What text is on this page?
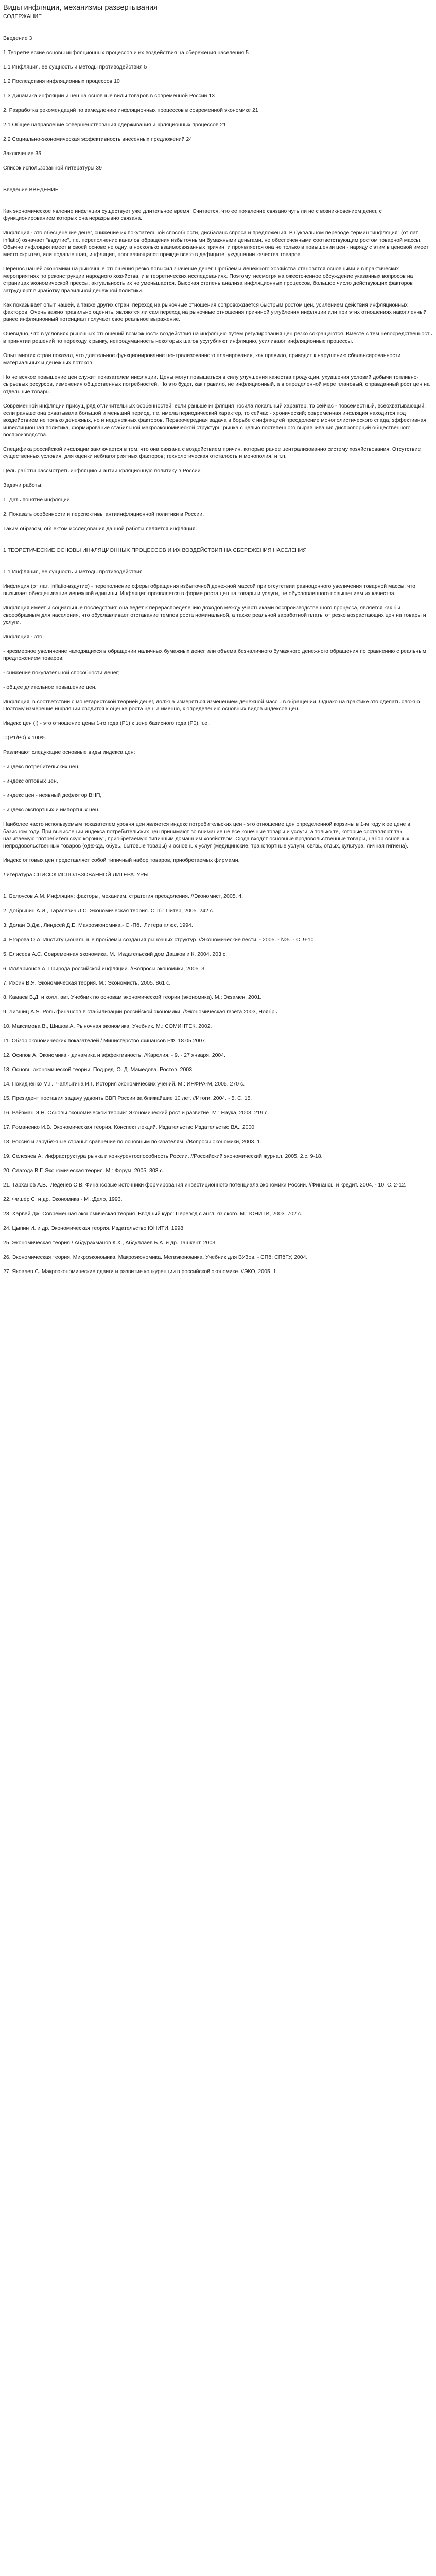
Виды инфляции, механизмы развертывания
СОДЕРЖАНИЕ
Введение 3
1 Теоретические основы инфляционных процессов и их воздействия на сбережения населения 5
1.1 Инфляция, ее сущность и методы противодействия 5
1.2 Последствия инфляционных процессов 10
1.3 Динамика инфляции и цен на основные виды товаров в современной России 13
2. Разработка рекомендаций по замедлению инфляционных процессов в современной экономике 21
2.1 Общее направление совершенствования сдерживания инфляционных процессов 21
2.2 Социально-экономическая эффективность внесенных предложений 24
Заключение 35
Список использованной литературы 39
Введение ВВЕДЕНИЕ
Как экономическое явление инфляция существует уже длительное время. Считается, что ее появление связано чуть ли не с возникновением денег, с функционированием которых она неразрывно связана.
Инфляция - это обесценение денег, снижение их покупательной способности, дисбаланс спроса и предложения. В буквальном переводе термин "инфляция" (от лат. inflatio) означает "вздутие", т.е. переполнение каналов обращения избыточными бумажными деньгами, не обеспеченными соответствующим ростом товарной массы. Обычно инфляция имеет в своей основе не одну, а несколько взаимосвязанных причин, и проявляется она не только в повышении цен - наряду с этим в ценовой имеет место скрытая, или подавленная, инфляция, проявляющаяся прежде всего в дефиците, ухудшении качества товаров.
Перенос нашей экономики на рыночные отношения резко повысил значение денег. Проблемы денежного хозяйства становятся основными и в практических мероприятиях по реконструкции народного хозяйства, и в теоретических исследованиях. Поэтому, несмотря на ожесточенное обсуждение указанных вопросов на страницах экономической прессы, актуальность их не уменьшается. Высокая степень анализа инфляционных процессов, большое число действующих факторов затрудняют выработку правильной денежной политики.
Как показывает опыт нашей, а также других стран, переход на рыночные отношения сопровождается быстрым ростом цен, усилением действия инфляционных факторов. Очень важно правильно оценить, являются ли сам переход на рыночные отношения причиной углубления инфляции или при этих отношениях накопленный ранее инфляционный потенциал получает свое реальное выражение.
Очевидно, что в условиях рыночных отношений возможности воздействия на инфляцию путем регулирования цен резко сокращаются. Вместе с тем непосредственность в принятии решений по переходу к рынку, непродуманность некоторых шагов усугубляют инфляцию, усиливают инфляционные процессы.
Опыт многих стран показал, что длительное функционирование централизованного планирования, как правило, приводит к нарушению сбалансированности материальных и денежных потоков.
Но не всякое повышение цен служит показателем инфляции. Цены могут повышаться в силу улучшения качества продукции, ухудшения условий добычи топливно-сырьевых ресурсов, изменения общественных потребностей. Но это будет, как правило, не инфляционный, а в определенной мере плановый, оправданный рост цен на отдельные товары.
Современной инфляции присущ ряд отличительных особенностей: если раньше инфляция носила локальный характер, то сейчас - повсеместный, всеохватывающий; если раньше она охватывала большой и меньший период, т.е. имела периодический характер, то сейчас - хронический; современная инфляция находится под воздействием не только денежных, но и неденежных факторов. Первоочередная задача в борьбе с инфляцией преодоление монополистического спада, эффективная инвестиционная политика, формирование стабильной макроэкономической структуры рынка с целью постепенного выравнивания диспропорций общественного воспроизводства.
Специфика российской инфляции заключается в том, что она связана с воздействием причин, которые ранее централизованно систему хозяйствования. Отсутствие существенных условия, для оценки неблагоприятных факторов; технологическая отсталость и монополия, и т.п.
Цель работы рассмотреть инфляцию и антиинфляционную политику в России.
Задачи работы:
1. Дать понятие инфляции.
2. Показать особенности и перспективы антиинфляционной политики в России.
Таким образом, объектом исследования данной работы является инфляция.
1 ТЕОРЕТИЧЕСКИЕ ОСНОВЫ ИНФЛЯЦИОННЫХ ПРОЦЕССОВ И ИХ ВОЗДЕЙСТВИЯ НА СБЕРЕЖЕНИЯ НАСЕЛЕНИЯ
1.1 Инфляция, ее сущность и методы противодействия
Инфляция (от лат. Inflatio-вздутие) - переполнение сферы обращения избыточной денежной массой при отсутствии равноценного увеличения товарной массы, что вызывает обесценивание денежной единицы. Инфляция проявляется в форме роста цен на товары и услуги, не обусловленного повышением их качества.
Инфляция имеет и социальные последствия: она ведет к перераспределению доходов между участниками воспроизводственного процесса, является как бы своеобразным для населения, что обуславливает отставание темпов роста номинальной, а также реальной заработной платы от резко возрастающих цен на товары и услуги.
Инфляция - это:
- чрезмерное увеличение находящихся в обращении наличных бумажных денег или объема безналичного бумажного денежного обращения по сравнению с реальным предложением товаров;
- снижение покупательной способности денег;
- общее длительное повышение цен.
Инфляция, в соответствии с монетаристской теорией денег, должна измеряться изменением денежной массы в обращении. Однако на практике это сделать сложно. Поэтому измерение инфляции сводится к оценке роста цен, а именно, к определению основных видов индексов цен.
Индекс цен (I) - это отношение цены 1-го года (P1) к цене базисного года (Р0), т.е.:
I=(P1/P0) х 100%
Различают следующие основные виды индекса цен:
- индекс потребительских цен,
- индекс оптовых цен,
- индекс цен - неявный дефлятор ВНП,
- индекс экспортных и импортных цен.
Наиболее часто используемым показателем уровня цен является индекс потребительских цен - это отношение цен определенной корзины в 1-м году к ее цене в базисном году. При вычислении индекса потребительских цен принимают во внимание не все конечные товары и услуги, а только те, которые составляют так называемую "потребительскую корзину", приобретаемую типичным домашним хозяйством. Сюда входят основные продовольственные товары, набор основных непродовольственных товаров (одежда, обувь, бытовые товары) и основных услуг (медицинские, транспортные услуги, связь, отдых, культура, личная гигиена).
Индекс оптовых цен представляет собой типичный набор товаров, приобретаемых фирмами.
Литература СПИСОК ИСПОЛЬЗОВАННОЙ ЛИТЕРАТУРЫ
1. Белоусов А.М. Инфляция: факторы, механизм, стратегия преодоления. //Экономист, 2005. 4.
2. Добрынин А.И., Тарасевич Л.С. Экономическая теория. СПб.: Питер, 2005. 242 с.
3. Долан Э.Дж., Линдсей Д.Е. Макроэкономика.- С.-Пб.: Литера плюс, 1994.
4. Егорова О.А. Институциональные проблемы создания рыночных структур. //Экономические вести. - 2005. - №5. - С. 9-10.
5. Елисеев А.С. Современная экономика. М.: Издательский дом Дашков и К, 2004. 203 с.
6. Илларионов А. Природа российской инфляции. //Вопросы экономики, 2005. 3.
7. Ихсин В.Я. Экономическая теория. М.: Экономисть, 2005. 861 с.
8. Камаев В.Д. и колл. авт. Учебник по основам экономической теории (экономика). М.: Экзамен, 2001.
9. Лившиц А.Я. Роль финансов в стабилизации российской экономики. //Экономическая газета 2003, Ноябрь
10. Максимова В., Шишов А. Рыночная экономика. Учебник. М.: СОМИНТЕК, 2002.
11. Обзор экономических показателей / Министерство финансов РФ, 18.05.2007.
12. Осипов А. Экономика - динамика и эффективность. //Карелия. - 9. - 27 января. 2004.
13. Основы экономической теории. Под ред. О. Д. Мамедова. Ростов, 2003.
14. Покидченко М.Г., Чаплыгина И.Г. История экономических учений. М.: ИНФРА-М, 2005. 270 с.
15. Президент поставил задачу удвоить ВВП России за ближайшие 10 лет. //Итоги. 2004. - 5. С. 15.
16. Райзман Э.Н. Основы экономической теории: Экономический рост и развитие. М.: Наука, 2003. 219 с.
17. Романенко И.В. Экономическая теория. Конспект лекций. Издательство Издательство ВА., 2000
18. Россия и зарубежные страны: сравнение по основным показателям. //Вопросы экономики, 2003. 1.
19. Селезнев А. Инфраструктура рынка и конкурентоспособность России. //Российский экономический журнал, 2005, 2.с. 9-18.
20. Слагода В.Г. Экономическая теория. М.: Форум, 2005. 303 с.
21. Тарханов А.В., Леденев С.В. Финансовые источники формирования инвестиционного потенциала экономики России. //Финансы и кредит. 2004. - 10. С. 2-12.
22. Фишер С. и др. Экономика - М .:Дело, 1993.
23. Харвей Дж. Современная экономическая теория. Вводный курс: Перевод с англ. яз.ского. М.: ЮНИТИ, 2003. 702 с.
24. Цыпин И. и др. Экономическая теория. Издательство ЮНИТИ, 1998
25. Экономическая теория / Абдурахманов К.Х., Абдуллаев Б.А. и др. Ташкент, 2003.
26. Экономическая теория. Микроэкономика. Макроэкономика. Мегаэкономика. Учебник для ВУЗов. - СПб: СПбГУ, 2004.
27. Яковлев С. Макроэкономические сдвиги и развитие конкуренции в российской экономике. //ЭКО, 2005. 1.
